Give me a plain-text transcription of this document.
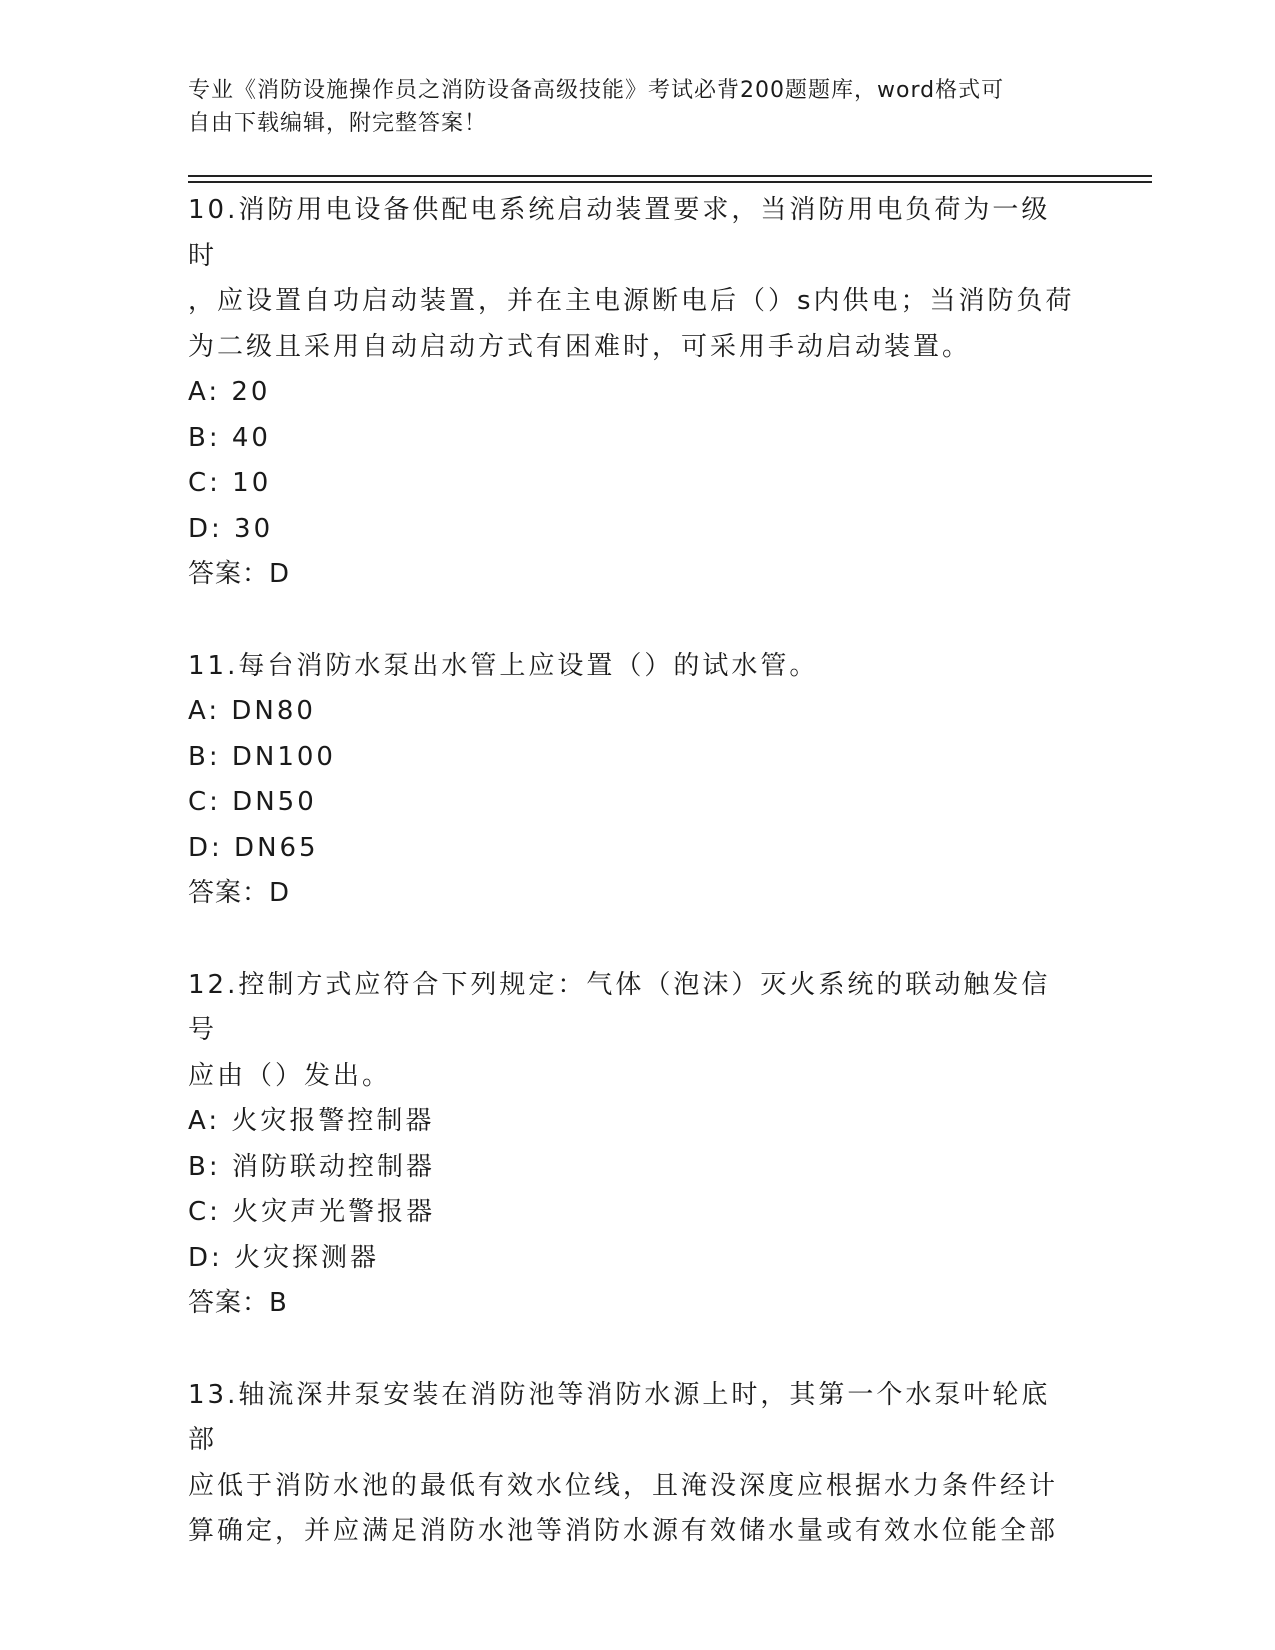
专业《消防设施操作员之消防设备高级技能》考试必背200题题库，word格式可
自由下载编辑，附完整答案！
10.消防用电设备供配电系统启动装置要求，当消防用电负荷为一级时
，应设置自功启动装置，并在主电源断电后（）s内供电；当消防负荷
为二级且采用自动启动方式有困难时，可采用手动启动装置。
A: 20
B: 40
C: 10
D: 30
答案：D
11.每台消防水泵出水管上应设置（）的试水管。
A: DN80
B: DN100
C: DN50
D: DN65
答案：D
12.控制方式应符合下列规定：气体（泡沫）灭火系统的联动触发信号
应由（）发出。
A: 火灾报警控制器
B: 消防联动控制器
C: 火灾声光警报器
D: 火灾探测器
答案：B
13.轴流深井泵安装在消防池等消防水源上时，其第一个水泵叶轮底部
应低于消防水池的最低有效水位线，且淹没深度应根据水力条件经计
算确定，并应满足消防水池等消防水源有效储水量或有效水位能全部
